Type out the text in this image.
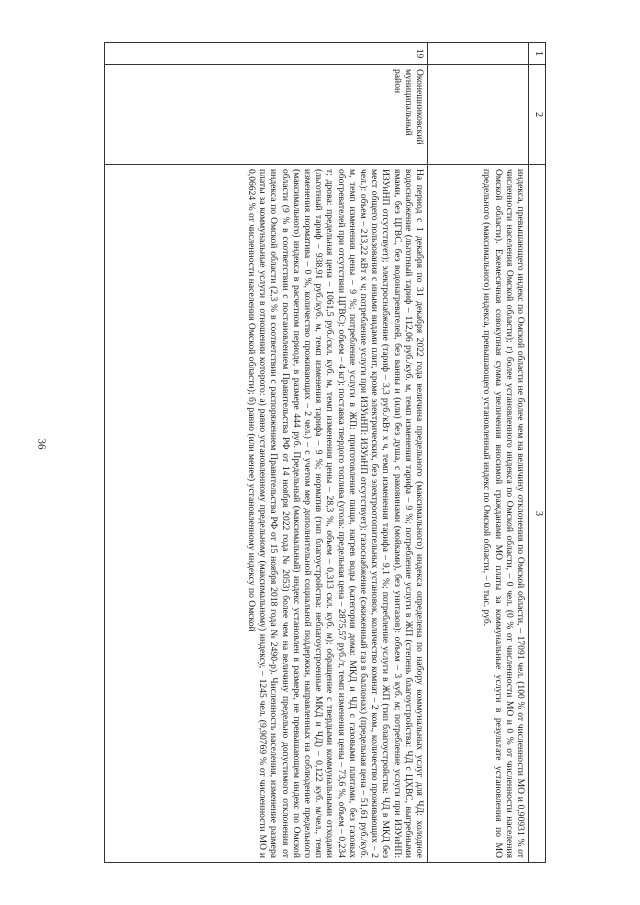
36
1	2	3
		индекса, превышающего индекс по Омской области не более чем на величину отклонения по Омской области, – 17091 чел. (100 % от численности МО и 0,90931 % от численности населения Омской области); г) более установленного индекса по Омской области, – 0 чел. (0 % от численности МО и 0 % от численности населения Омской области). Ежемесячная совокупная сумма увеличения вносимой гражданами МО платы за коммунальные услуги в результате установления по МО предельного (максимального) индекса, превышающего установленный индекс по Омской области, – 0 тыс. руб.
19	Оконешниковский муниципальный район	На период с 1 декабря по 31 декабря 2022 года величина предельного (максимального) индекса определена по набору коммунальных услуг для ЧД: холодное водоснабжение (льготный тариф – 112,06 руб./куб. м, темп изменения тарифа – 9 %; потребление услуги в ЖП (степень благоустройства: ЧД с ЦХВС, выгребными ямами, без ЦГВС, без водонагревателей, без ванны и (или) без душа, с раковинами (мойками), без унитазов): объем – 3 куб. м; потребление услуги при ИЗУиНП: ИЗУиНП отсутствует); электроснабжение (тариф – 3,3 руб./кВт x ч, темп изменения тарифа – 9,1 %; потребление услуги в ЖП (тип благоустройства: ЧД в МКД без мест общего пользования с иными видами плит, кроме электрических, без электроотопительных установок, количество комнат – 2 ком., количество проживающих – 2 чел.): объем – 213,22 кВт x ч; потребление услуги при ИЗУиНП: ИЗУиНП отсутствует); газоснабжение (сжиженный газ в баллонах) (предельная цена – 51,61 руб./куб. м, темп изменения цены – 9 %; потребление услуги в ЖП: приготовление пищи, нагрев воды (категория дома: МКД и ЧД с газовыми плитами, без газовых обогревателей при отсутствии ЦГВС): объем – 4 кг); поставка твердого топлива (уголь: предельная цена – 2875,57 руб./т, темп изменения цены – 73,6 %, объем – 0,234 т; дрова: предельная цена – 1061,5 руб./скл. куб. м, темп изменения цены – 28,3 %, объем – 0,313 скл. куб. м); обращение с твердыми коммунальными отходами (льготный тариф – 938,91 руб./куб. м, темп изменения тарифа – 9 %; норматив (тип благоустройства: неблагоустроенные МКД и ЧД) – 0,122 куб. м/чел., темп изменения норматива – 0 %, количество проживающих – 2 чел.) – с учетом мер дополнительной социальной поддержки, направленных на соблюдение предельного (максимального) индекса в расчетном периоде, в размере 444 руб. Предельный (максимальный) индекс установлен в размере, не превышающем индекс по Омской области (9 % в соответствии с постановлением Правительства РФ от 14 ноября 2022 года № 2053) более чем на величину предельно допустимого отклонения от индекса по Омской области (2,3 % в соответствии с распоряжением Правительства РФ от 15 ноября 2018 года № 2490-р). Численность населения, изменение размера платы за коммунальные услуги в отношении которого: а) равно установленному предельному (максимальному) индексу, – 1245 чел. (9,90769 % от численности МО и 0,06624 % от численности населения Омской области); б) равно (или менее) установленному индексу по Омской
